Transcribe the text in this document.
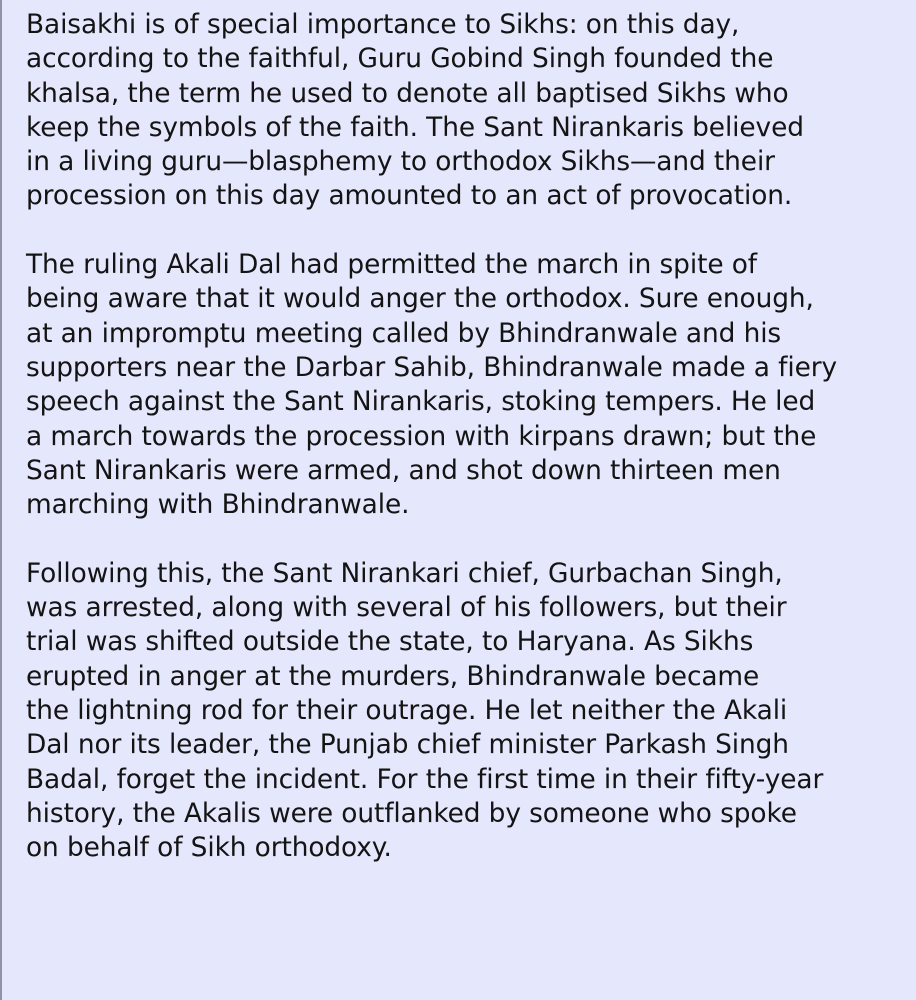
Baisakhi is of special importance to Sikhs: on this day,
according to the faithful, Guru Gobind Singh founded the
khalsa, the term he used to denote all baptised Sikhs who
keep the symbols of the faith. The Sant Nirankaris believed
in a living guru—blasphemy to orthodox Sikhs—and their
procession on this day amounted to an act of provocation.

The ruling Akali Dal had permitted the march in spite of
being aware that it would anger the orthodox. Sure enough,
at an impromptu meeting called by Bhindranwale and his
supporters near the Darbar Sahib, Bhindranwale made a fiery
speech against the Sant Nirankaris, stoking tempers. He led
a march towards the procession with kirpans drawn; but the
Sant Nirankaris were armed, and shot down thirteen men
marching with Bhindranwale.

Following this, the Sant Nirankari chief, Gurbachan Singh,
was arrested, along with several of his followers, but their
trial was shifted outside the state, to Haryana. As Sikhs
erupted in anger at the murders, Bhindranwale became
the lightning rod for their outrage. He let neither the Akali
Dal nor its leader, the Punjab chief minister Parkash Singh
Badal, forget the incident. For the first time in their fifty-year
history, the Akalis were outflanked by someone who spoke
on behalf of Sikh orthodoxy.
